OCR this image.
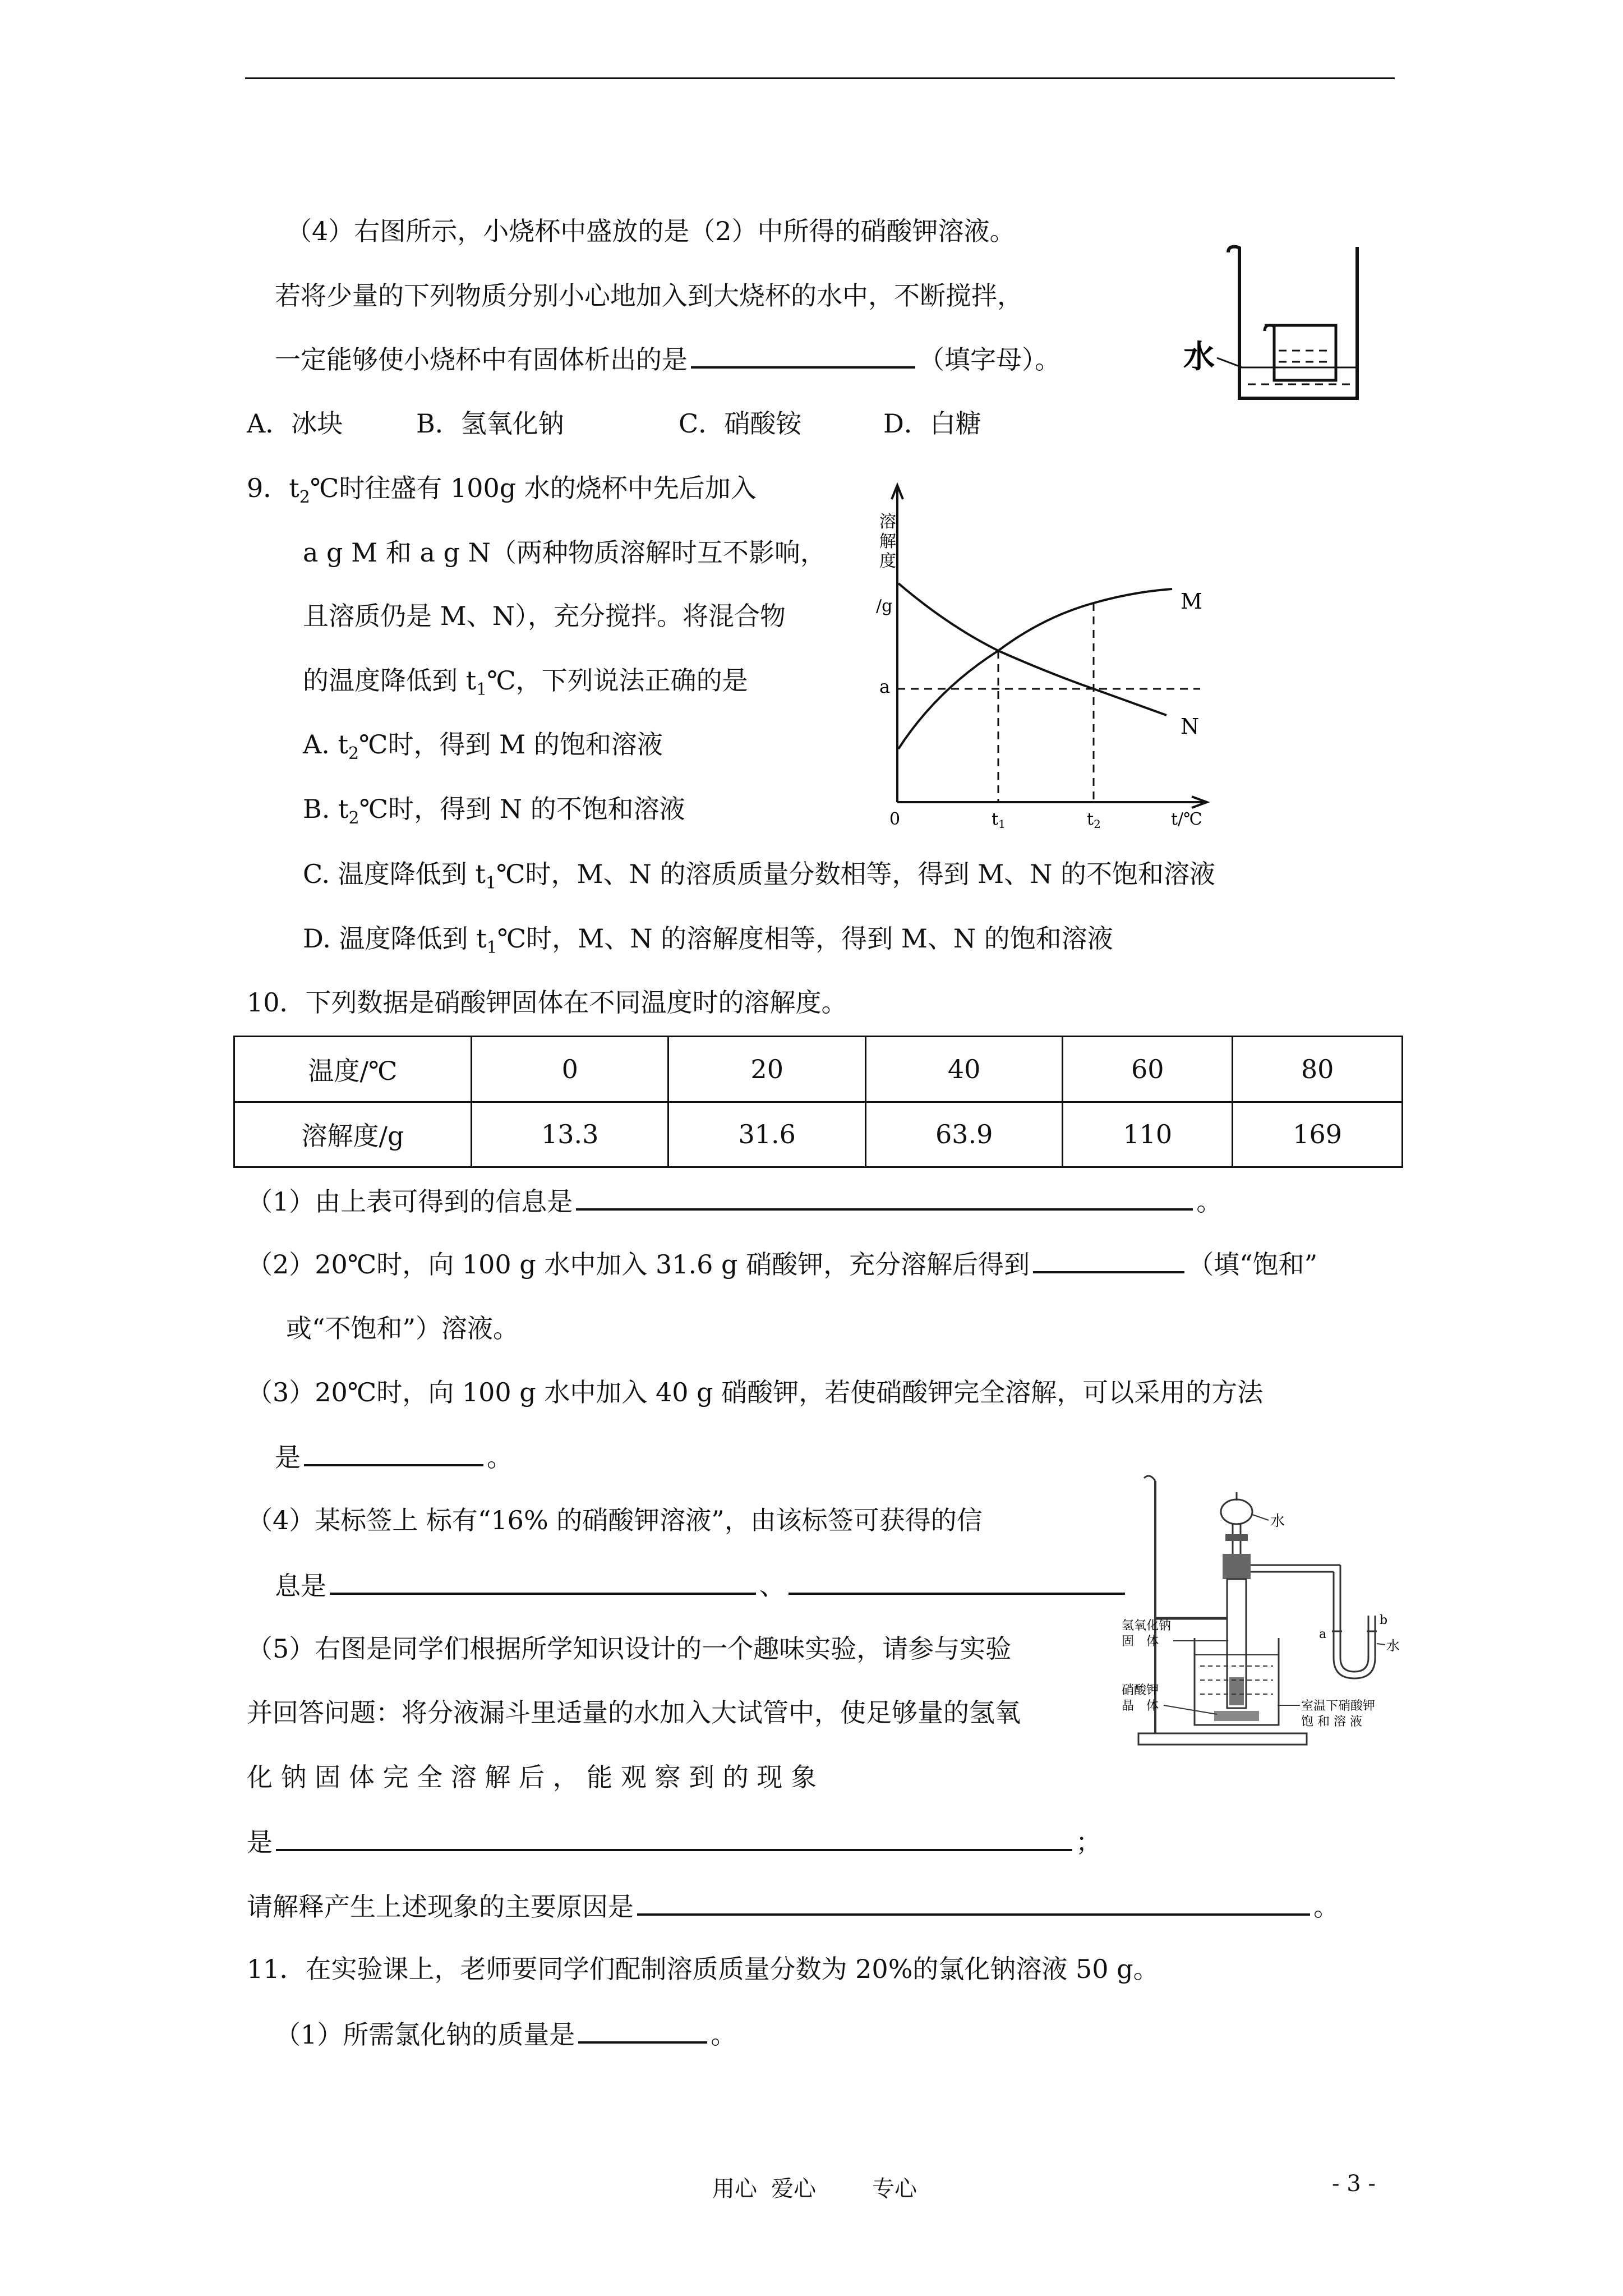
（4）右图所示，小烧杯中盛放的是（2）中所得的硝酸钾溶液。
若将少量的下列物质分别小心地加入到大烧杯的水中，不断搅拌，
一定能够使小烧杯中有固体析出的是	（填字母）。
A．冰块	B．氢氧化钠	C．硝酸铵	D．白糖
水
9．$t_2℃$时往盛有 100g 水的烧杯中先后加入
a g M 和 a g N（两种物质溶解时互不影响，
且溶质仍是 M、N），充分搅拌。将混合物
的温度降低到 $t_1℃$，下列说法正确的是
A. $t_2℃$时，得到 M 的饱和溶液
B. $t_2℃$时，得到 N 的不饱和溶液
C. 温度降低到 $t_1℃$时，M、N 的溶质质量分数相等，得到 M、N 的不饱和溶液
D. 温度降低到 $t_1℃$时，M、N 的溶解度相等，得到 M、N 的饱和溶液
溶
解
度
/g
a
0
M
N
$t_1$	$t_2$	t/℃
10．下列数据是硝酸钾固体在不同温度时的溶解度。
温度/℃	0	20	40	60	80
溶解度/g	13.3	31.6	63.9	110	169
（1）由上表可得到的信息是	。
（2）20℃时，向 100 g 水中加入 31.6 g 硝酸钾，充分溶解后得到	（填“饱和”
或“不饱和”）溶液。
（3）20℃时，向 100 g 水中加入 40 g 硝酸钾，若使硝酸钾完全溶解，可以采用的方法
是	。
（4）某标签上 标有“16% 的硝酸钾溶液”，由该标签可获得的信
息是	、
（5）右图是同学们根据所学知识设计的一个趣味实验，请参与实验
并回答问题：将分液漏斗里适量的水加入大试管中，使足够量的氢氧
化 钠 固 体 完 全 溶 解 后 ， 能 观 察 到 的 现 象
是	；
请解释产生上述现象的主要原因是	。
水
a
b
水
氢氧化钠
固　体
硝酸钾
晶　体	室温下硝酸钾
饱 和 溶 液
11．在实验课上，老师要同学们配制溶质质量分数为 20%的氯化钠溶液 50 g。
（1）所需氯化钠的质量是	。
用心 爱心	专心	- 3 -
